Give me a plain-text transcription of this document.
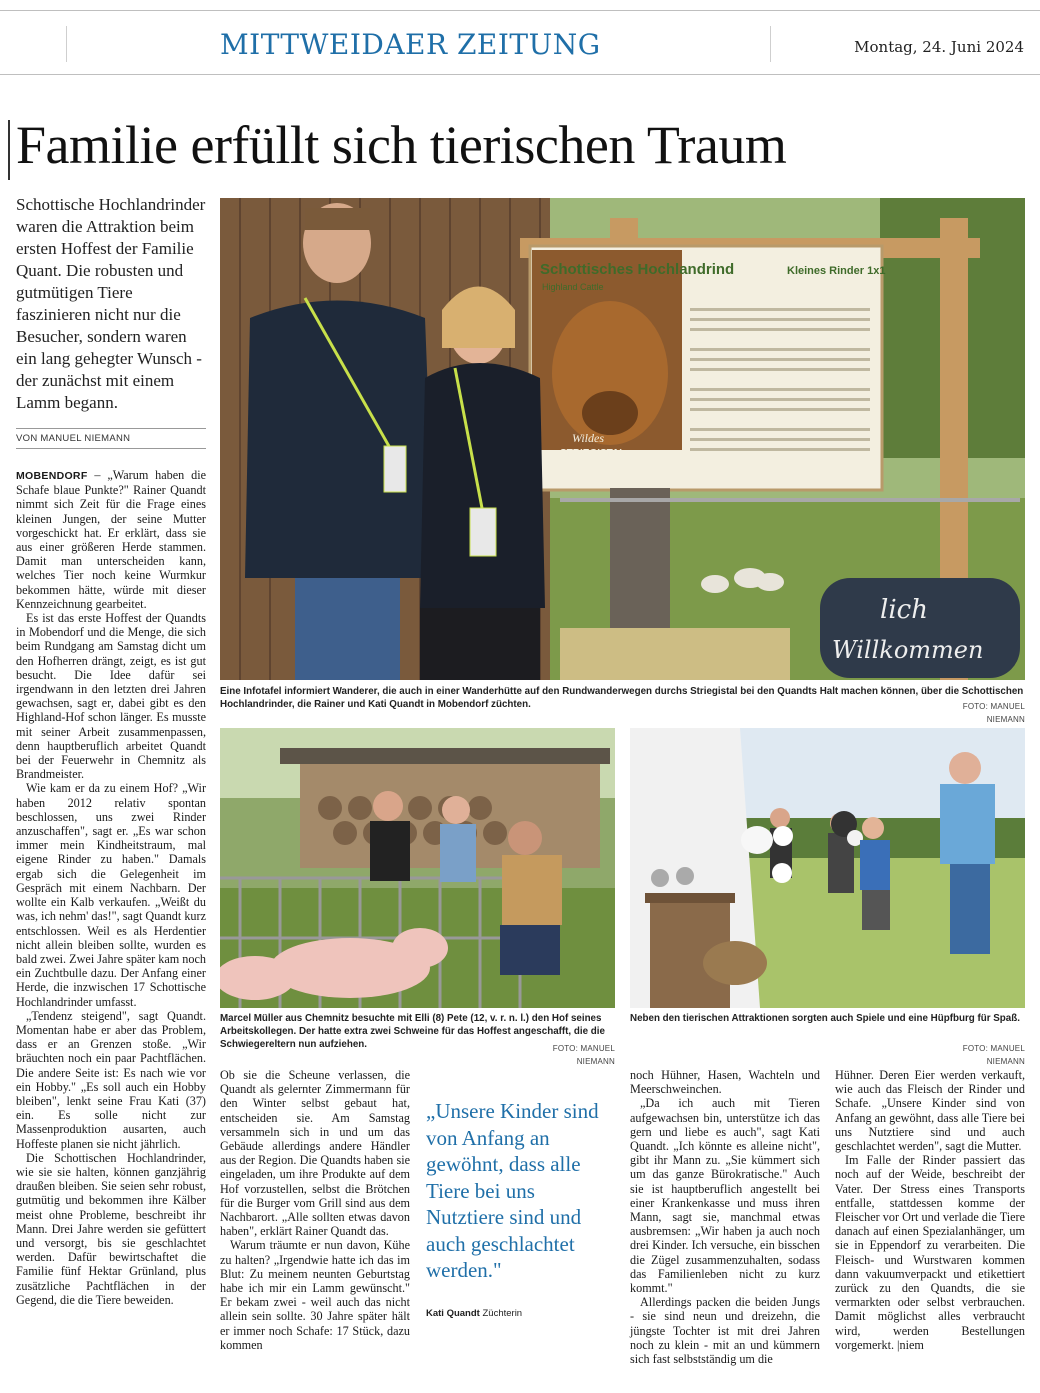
MITTWEIDAER ZEITUNG	Montag, 24. Juni 2024
Familie erfüllt sich tierischen Traum
Schottische Hochlandrinder waren die Attraktion beim ersten Hoffest der Familie Quant. Die robusten und gutmütigen Tiere faszinieren nicht nur die Besucher, sondern waren ein lang gehegter Wunsch - der zunächst mit einem Lamm begann.
VON MANUEL NIEMANN

MOBENDORF – „Warum haben die Schafe blaue Punkte?" Rainer Quandt nimmt sich Zeit für die Frage eines kleinen Jungen, der seine Mutter vorgeschickt hat. Er erklärt, dass sie aus einer größeren Herde stammen. Damit man unterscheiden kann, welches Tier noch keine Wurmkur bekommen hätte, würde mit dieser Kennzeichnung gearbeitet.

Es ist das erste Hoffest der Quandts in Mobendorf und die Menge, die sich beim Rundgang am Samstag dicht um den Hofherren drängt, zeigt, es ist gut besucht. Die Idee dafür sei irgendwann in den letzten drei Jahren gewachsen, sagt er, dabei gibt es den Highland-Hof schon länger. Es musste mit seiner Arbeit zusammenpassen, denn hauptberuflich arbeitet Quandt bei der Feuerwehr in Chemnitz als Brandmeister.

Wie kam er da zu einem Hof? „Wir haben 2012 relativ spontan beschlossen, uns zwei Rinder anzuschaffen", sagt er. „Es war schon immer mein Kindheitstraum, mal eigene Rinder zu haben." Damals ergab sich die Gelegenheit im Gespräch mit einem Nachbarn. Der wollte ein Kalb verkaufen. „Weißt du was, ich nehm' das!", sagt Quandt kurz entschlossen. Weil es als Herdentier nicht allein bleiben sollte, wurden es bald zwei. Zwei Jahre später kam noch ein Zuchtbulle dazu. Der Anfang einer Herde, die inzwischen 17 Schottische Hochlandrinder umfasst.

„Tendenz steigend", sagt Quandt. Momentan habe er aber das Problem, dass er an Grenzen stoße. „Wir bräuchten noch ein paar Pachtflächen. Die andere Seite ist: Es nach wie vor ein Hobby." „Es soll auch ein Hobby bleiben", lenkt seine Frau Kati (37) ein. Es solle nicht zur Massenproduktion ausarten, auch Hoffeste planen sie nicht jährlich.

Die Schottischen Hochlandrinder, wie sie sie halten, können ganzjährig draußen bleiben. Sie seien sehr robust, gutmütig und bekommen ihre Kälber meist ohne Probleme, beschreibt ihr Mann. Drei Jahre werden sie gefüttert und versorgt, bis sie geschlachtet werden. Dafür bewirtschaftet die Familie fünf Hektar Grünland, plus zusätzliche Pachtflächen in der Gegend, die die Tiere beweiden.

Schottisches Hochlandrind
Highland Cattle
Kleines Rinder 1x1
Wildes
STRIEGISTAL
lich
Willkommen
Eine Infotafel informiert Wanderer, die auch in einer Wanderhütte auf den Rundwanderwegen durchs Striegistal bei den Quandts Halt machen können, über die Schottischen Hochlandrinder, die Rainer und Kati Quandt in Mobendorf züchten.	FOTO: MANUEL NIEMANN
Marcel Müller aus Chemnitz besuchte mit Elli (8) Pete (12, v. r. n. l.) den Hof seines Arbeitskollegen. Der hatte extra zwei Schweine für das Hoffest angeschafft, die die Schwiegereltern nun aufziehen.	FOTO: MANUEL NIEMANN
Neben den tierischen Attraktionen sorgten auch Spiele und eine Hüpfburg für Spaß.
FOTO: MANUEL NIEMANN

Ob sie die Scheune verlassen, die Quandt als gelernter Zimmermann für den Winter selbst gebaut hat, entscheiden sie. Am Samstag versammeln sich in und um das Gebäude allerdings andere Händler aus der Region. Die Quandts haben sie eingeladen, um ihre Produkte auf dem Hof vorzustellen, selbst die Brötchen für die Burger vom Grill sind aus dem Nachbarort. „Alle sollten etwas davon haben", erklärt Rainer Quandt das.

Warum träumte er nun davon, Kühe zu halten? „Irgendwie hatte ich das im Blut: Zu meinem neunten Geburtstag habe ich mir ein Lamm gewünscht." Er bekam zwei - weil auch das nicht allein sein sollte. 30 Jahre später hält er immer noch Schafe: 17 Stück, dazu kommen

„Unsere Kinder sind von Anfang an gewöhnt, dass alle Tiere bei uns Nutztiere sind und auch geschlachtet werden."
Kati Quandt Züchterin

noch Hühner, Hasen, Wachteln und Meerschweinchen.

„Da ich auch mit Tieren aufgewachsen bin, unterstütze ich das gern und liebe es auch", sagt Kati Quandt. „Ich könnte es alleine nicht", gibt ihr Mann zu. „Sie kümmert sich um das ganze Bürokratische." Auch sie ist hauptberuflich angestellt bei einer Krankenkasse und muss ihren Mann, sagt sie, manchmal etwas ausbremsen: „Wir haben ja auch noch drei Kinder. Ich versuche, ein bisschen die Zügel zusammenzuhalten, sodass das Familienleben nicht zu kurz kommt."

Allerdings packen die beiden Jungs - sie sind neun und dreizehn, die jüngste Tochter ist mit drei Jahren noch zu klein - mit an und kümmern sich fast selbstständig um die

Hühner. Deren Eier werden verkauft, wie auch das Fleisch der Rinder und Schafe. „Unsere Kinder sind von Anfang an gewöhnt, dass alle Tiere bei uns Nutztiere sind und auch geschlachtet werden", sagt die Mutter.

Im Falle der Rinder passiert das noch auf der Weide, beschreibt der Vater. Der Stress eines Transports entfalle, stattdessen komme der Fleischer vor Ort und verlade die Tiere danach auf einen Spezialanhänger, um sie in Eppendorf zu verarbeiten. Die Fleisch- und Wurstwaren kommen dann vakuumverpackt und etikettiert zurück zu den Quandts, die sie vermarkten oder selbst verbrauchen. Damit möglichst alles verbraucht wird, werden Bestellungen vorgemerkt. |niem
